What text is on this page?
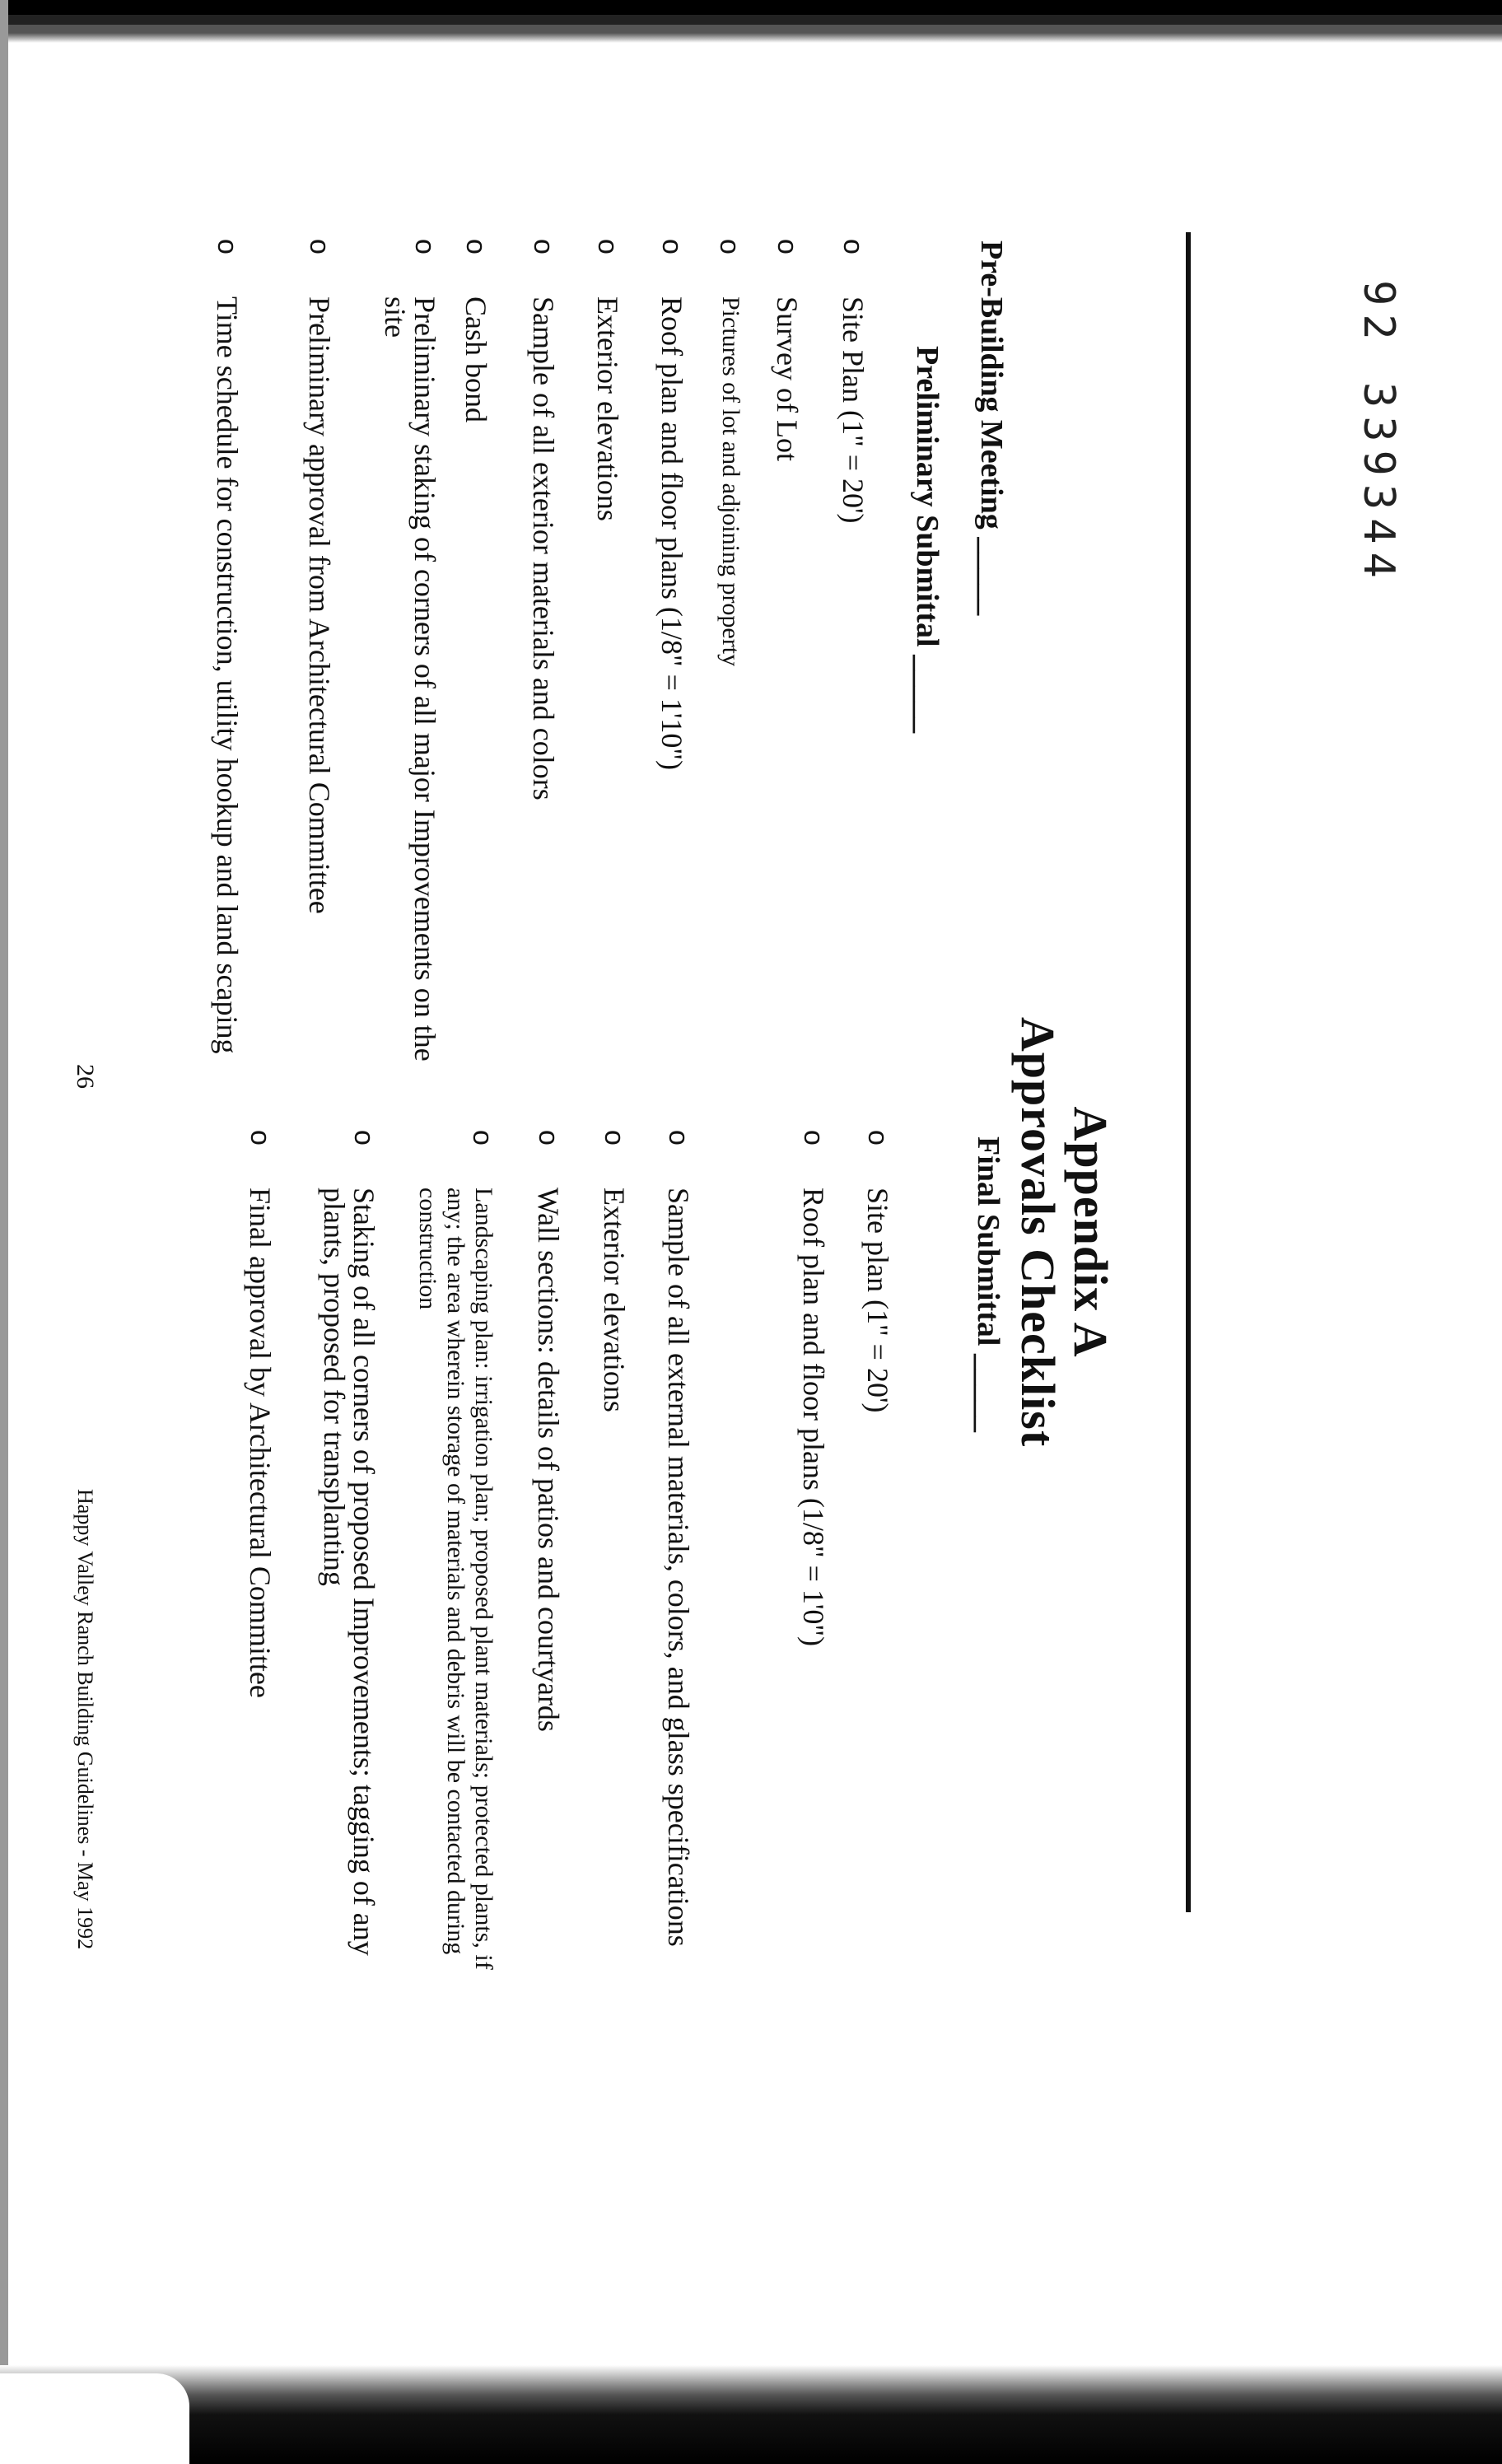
92 339344
Appendix A
Approvals Checklist
Pre-Building Meeting _____
Preliminary Submittal _____
Final Submittal _____
o
Site Plan (1" = 20')
o
Survey of Lot
o
Pictures of lot and adjoining property
o
Roof plan and floor plans (1/8" = 1'10")
o
Exterior elevations
o
Sample of all exterior materials and colors
o
Cash bond
o
Preliminary staking of corners of all major Improvements on the site
o
Preliminary approval from Architectural Committee
o
Time schedule for construction, utility hookup and land scaping
o
Site plan (1" = 20')
o
Roof plan and floor plans (1/8" = 1'0")
o
Sample of all external materials, colors, and glass specifications
o
Exterior elevations
o
Wall sections: details of patios and courtyards
o
Landscaping plan: irrigation plan; proposed plant materials; protected plants, if any; the area wherein storage of materials and debris will be contacted during construction
o
Staking of all corners of proposed Improvements; tagging of any plants, proposed for transplanting
o
Final approval by Architectural Committee
26
Happy Valley Ranch Building Guidelines - May 1992
